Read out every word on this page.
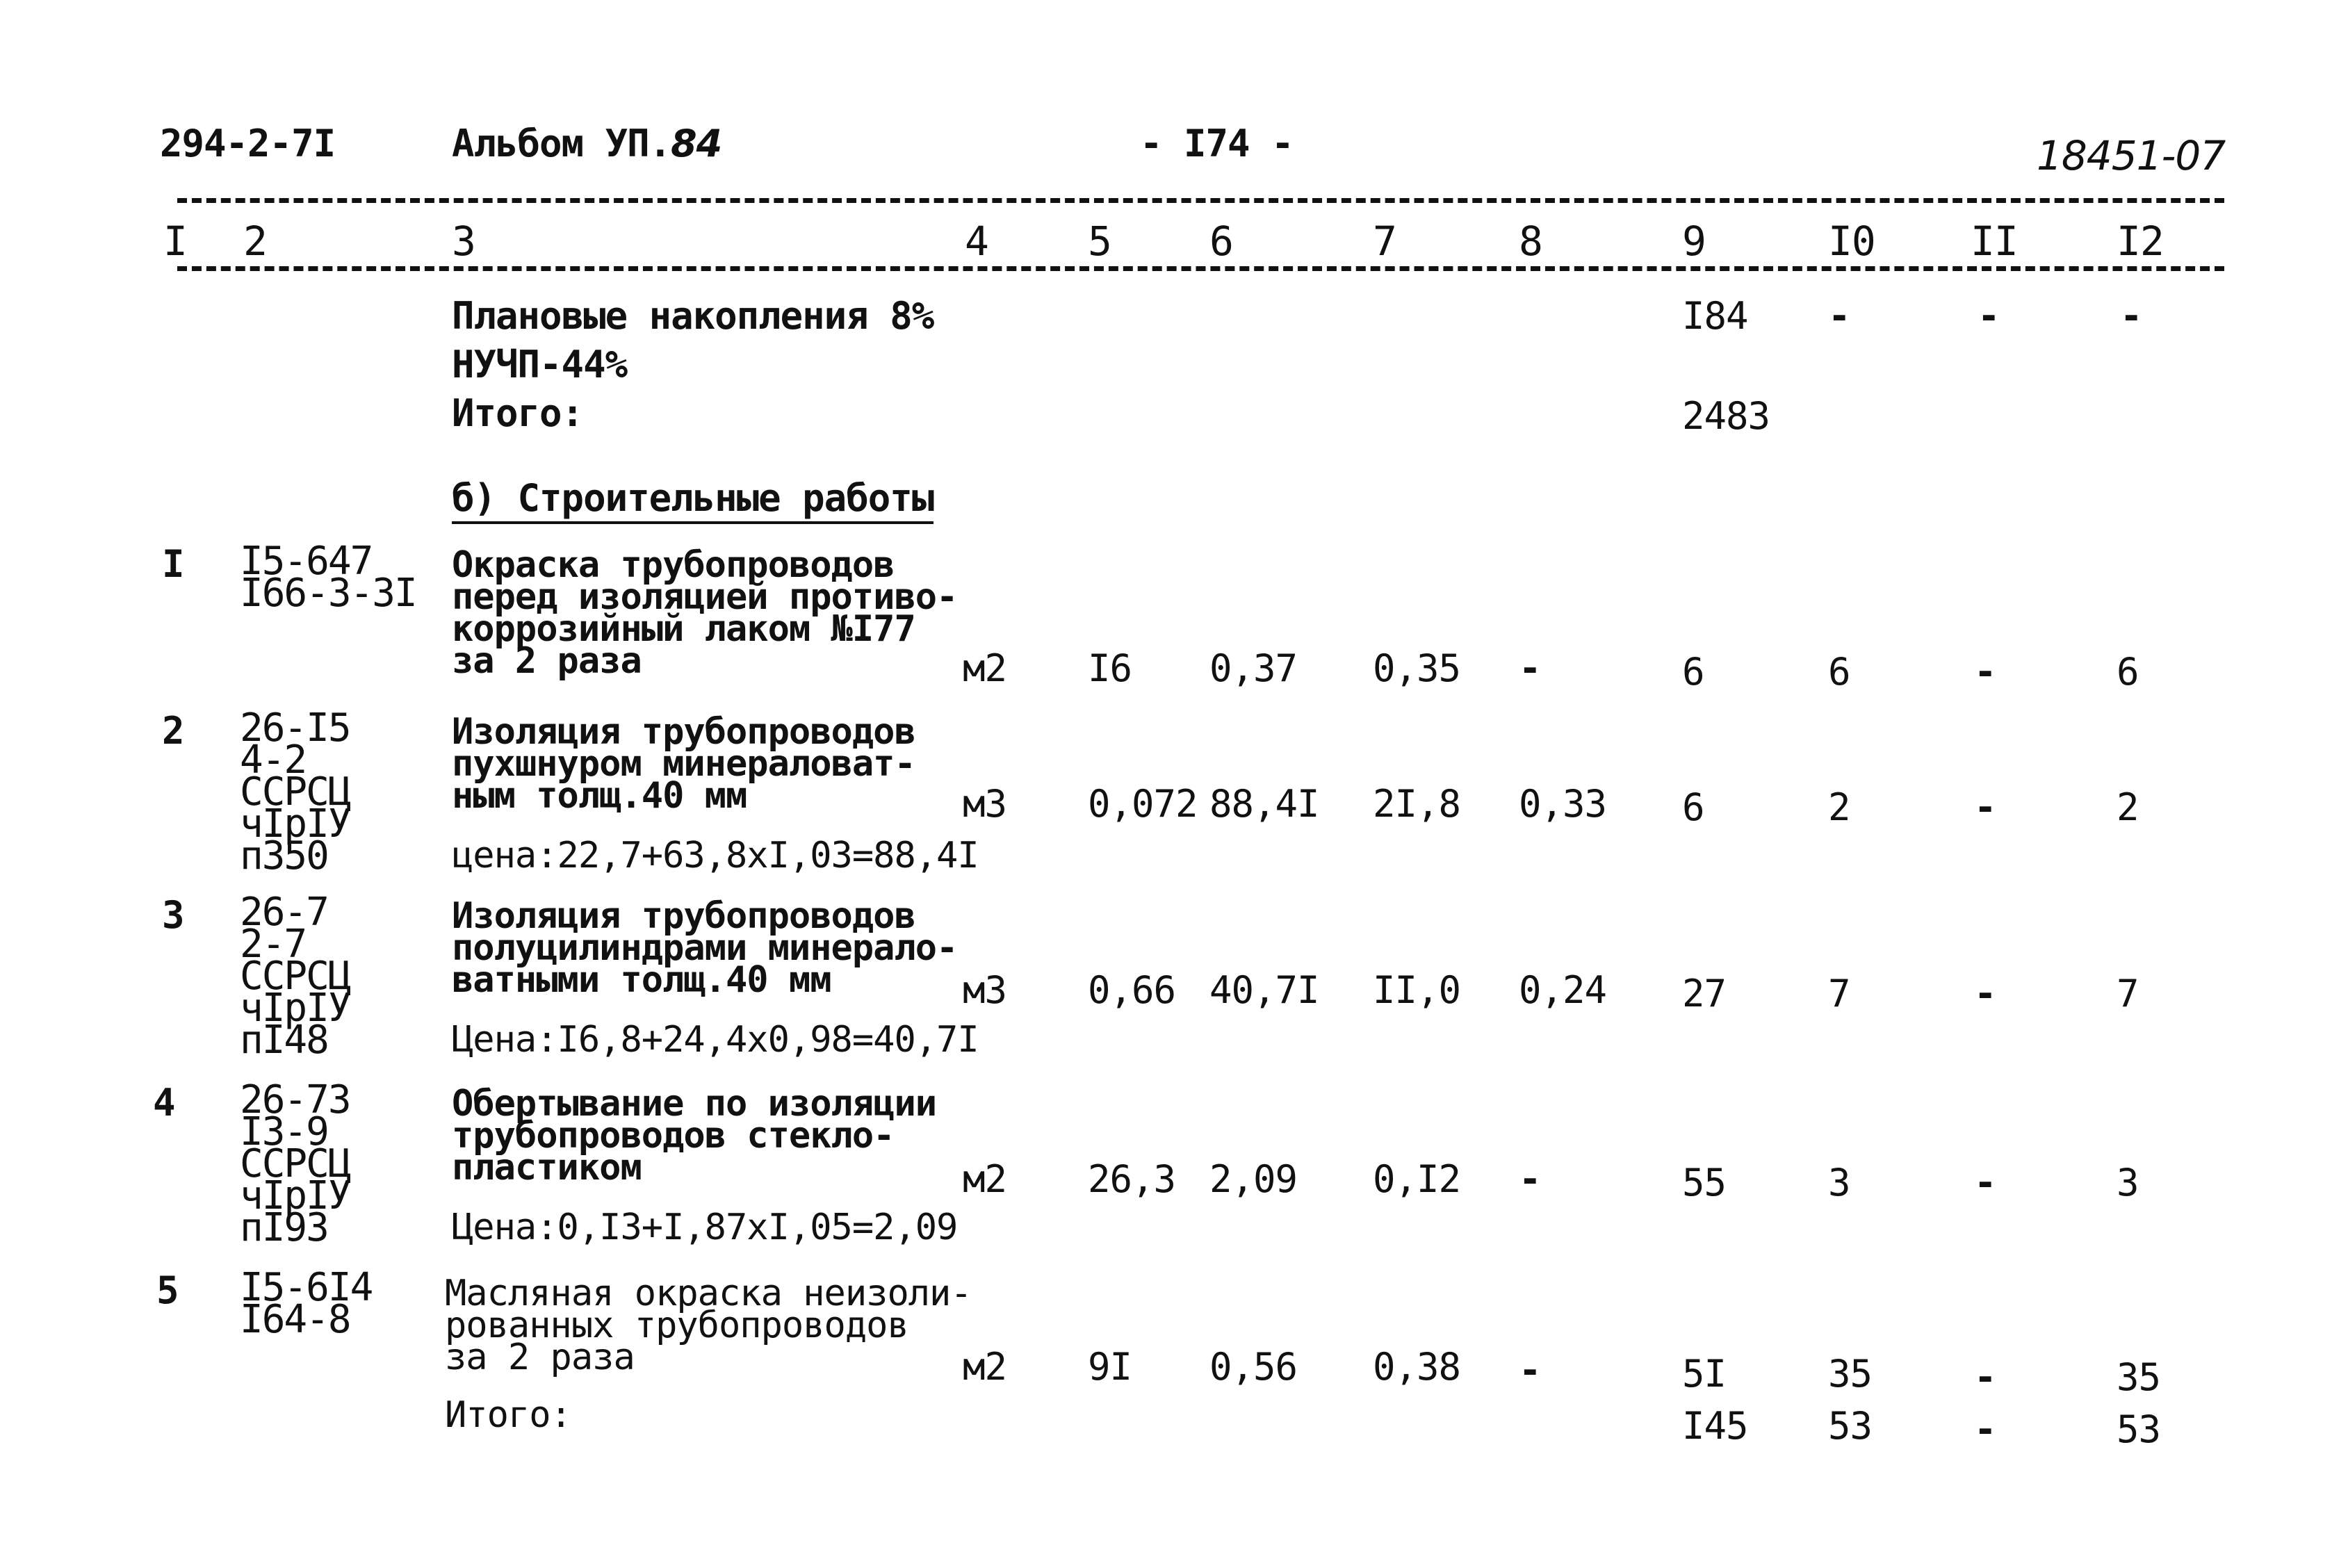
294-2-7I	Альбом УП.84	- I74 -	18451-07
I 2	3	4 5 6	7	8	9	I0 II I2
Плановые накопления 8%
НУЧП-44%
Итого:
I84 -	-	-
2483
б) Строительные работы
I I5-647
I66-3-3I
Окраска трубопроводов
перед изоляцией противо-
коррозийный лаком №I77
за 2 раза	м2 I6 0,37 0,35 -	6	6	-	6
2 26-I5
4-2
ССРСЦ
чIрIУ
п350
Изоляция трубопроводов
пухшнуром минераловат-
ным толщ.40 мм
цена:22,7+63,8хI,03=88,4I
м3 0,072 88,4I 2I,8 0,33 6	2	-	2
3 26-7
2-7
ССРСЦ
чIрIУ
пI48
Изоляция трубопроводов
полуцилиндрами минерало-
ватными толщ.40 мм
Цена:I6,8+24,4х0,98=40,7I
м3 0,66 40,7I II,0 0,24 27	7	-	7
4 26-73
I3-9
ССРСЦ
чIрIУ
пI93
Обертывание по изоляции
трубопроводов стекло-
пластиком
Цена:0,I3+I,87хI,05=2,09
м2 26,3 2,09 0,I2 -	55	3	-	3
5 I5-6I4
I64-8
Масляная окраска неизоли-
рованных трубопроводов
за 2 раза	м2 9I 0,56 0,38 -	5I	35	-	35
Итого:	I45 53	-	53
